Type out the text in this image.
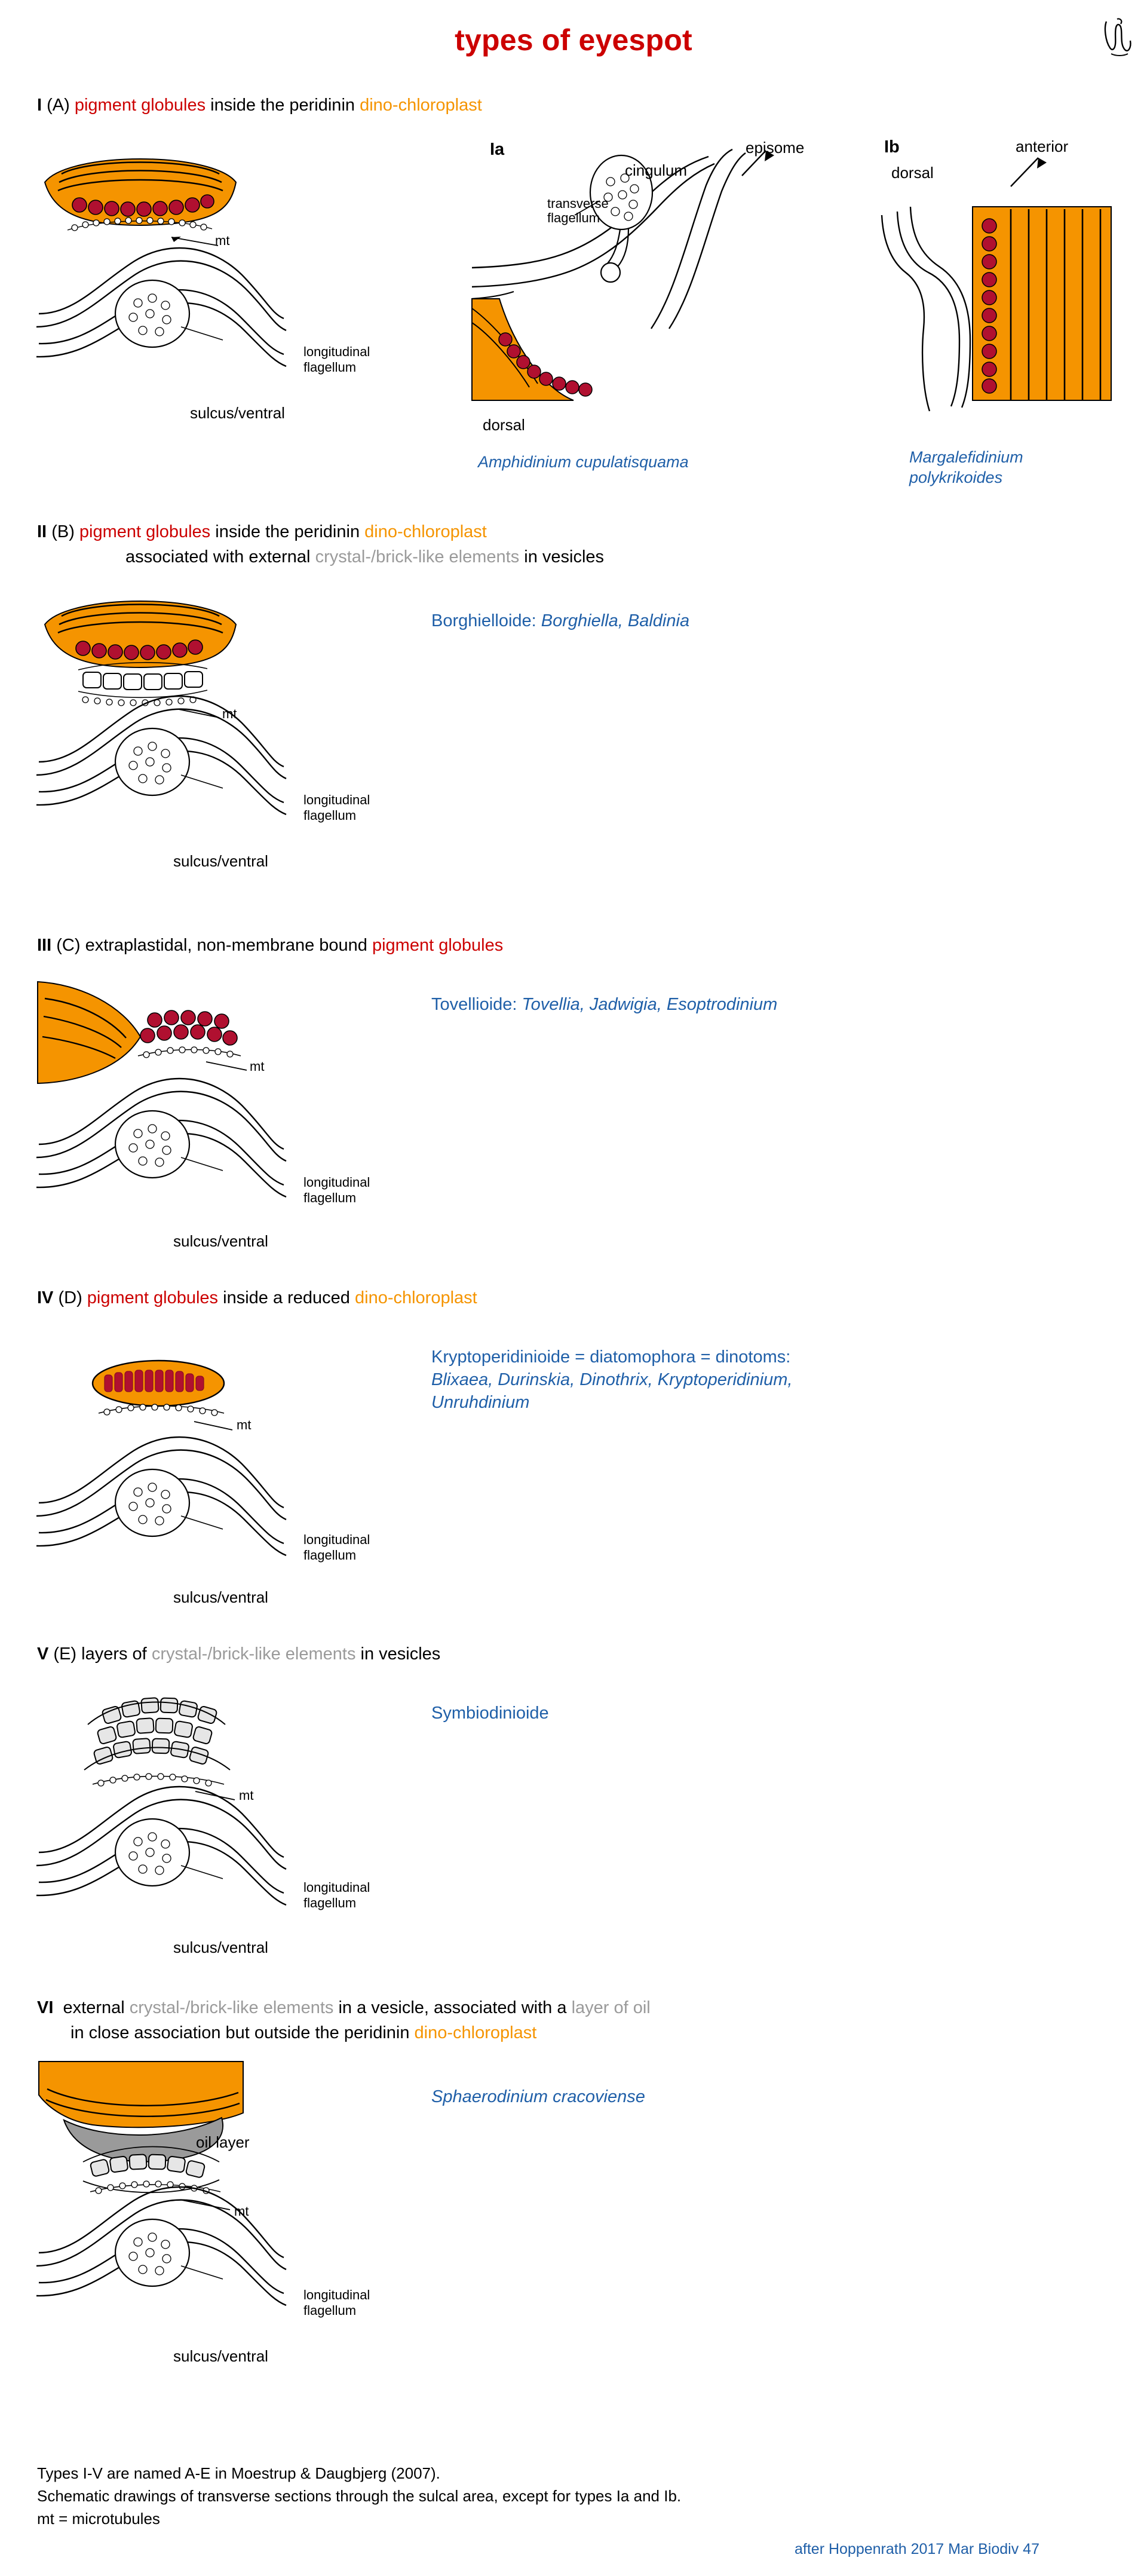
types of eyespot
I (A) pigment globules inside the peridinin dino-chloroplast
mt
longitudinal
flagellum
sulcus/ventral
Ia
transverse
flagellum
cingulum
episome
dorsal
Amphidinium cupulatisquama
Ib	anterior
dorsal
Margalefidinium
polykrikoides
II (B) pigment globules inside the peridinin dino-chloroplast
associated with external crystal-/brick-like elements in vesicles
Borghielloide: Borghiella, Baldinia
mt
longitudinal
flagellum
sulcus/ventral
III (C) extraplastidal, non-membrane bound pigment globules
Tovellioide: Tovellia, Jadwigia, Esoptrodinium
mt
longitudinal
flagellum
sulcus/ventral
IV (D) pigment globules inside a reduced dino-chloroplast
Kryptoperidinioide = diatomophora = dinotoms:
Blixaea, Durinskia, Dinothrix, Kryptoperidinium,
Unruhdinium
mt
longitudinal
flagellum
sulcus/ventral
V (E) layers of crystal-/brick-like elements in vesicles
Symbiodinioide
mt
longitudinal
flagellum
sulcus/ventral
VI external crystal-/brick-like elements in a vesicle, associated with a layer of oil
in close association but outside the peridinin dino-chloroplast
Sphaerodinium cracoviense
oil layer
mt
longitudinal
flagellum
sulcus/ventral
Types I-V are named A-E in Moestrup & Daugbjerg (2007).
Schematic drawings of transverse sections through the sulcal area, except for types Ia and Ib.
mt = microtubules
after Hoppenrath 2017 Mar Biodiv 47
